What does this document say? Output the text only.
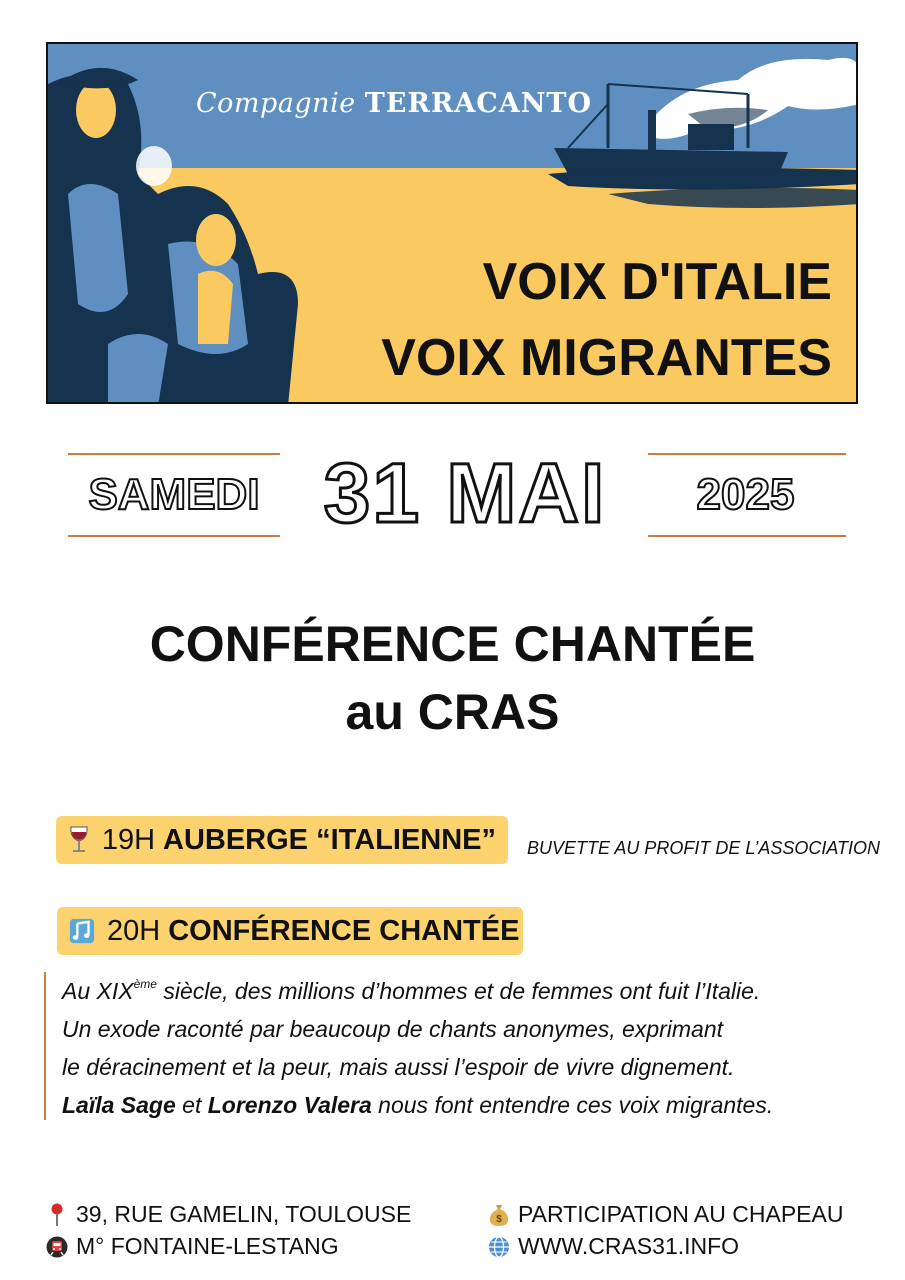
Compagnie TERRACANTO
VOIX D'ITALIE
VOIX MIGRANTES
SAMEDI 31 MAI	2025
CONFÉRENCE CHANTÉE
au CRAS
19H AUBERGE “ITALIENNE” BUVETTE AU PROFIT DE L’ASSOCIATION
20H CONFÉRENCE CHANTÉE
Au XIXème siècle, des millions d’hommes et de femmes ont fuit l’Italie.
Un exode raconté par beaucoup de chants anonymes, exprimant
le déracinement et la peur, mais aussi l’espoir de vivre dignement.
Laïla Sage et Lorenzo Valera nous font entendre ces voix migrantes.
39, RUE GAMELIN, TOULOUSE
M° FONTAINE-LESTANG
$ PARTICIPATION AU CHAPEAU
WWW.CRAS31.INFO
